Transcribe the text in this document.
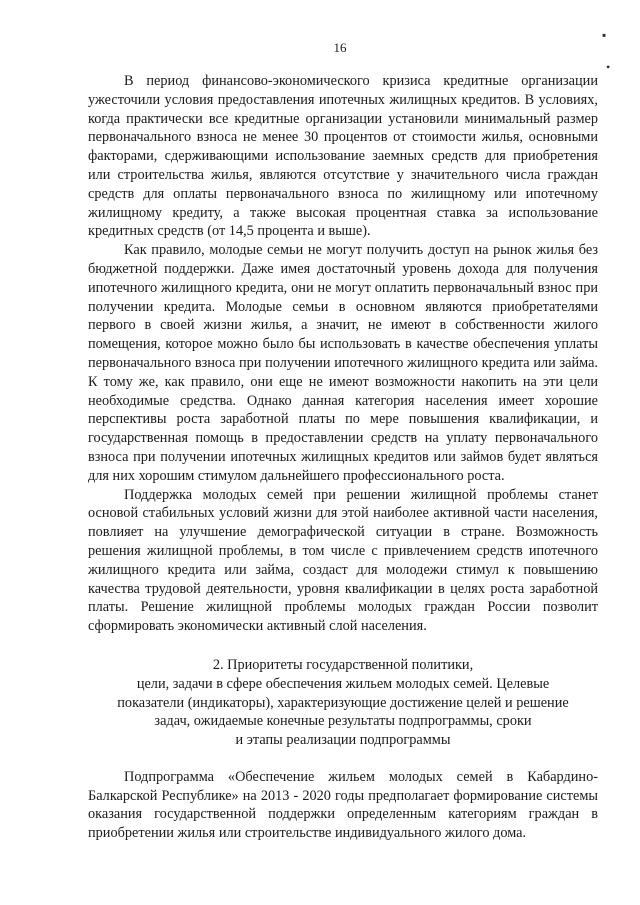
16
▪
•

В период финансово-экономического кризиса кредитные организации ужесточили условия предоставления ипотечных жилищных кредитов. В условиях, когда практически все кредитные организации установили минимальный размер первоначального взноса не менее 30 процентов от стоимости жилья, основными факторами, сдерживающими использование заемных средств для приобретения или строительства жилья, являются отсутствие у значительного числа граждан средств для оплаты первоначального взноса по жилищному или ипотечному жилищному кредиту, а также высокая процентная ставка за использование кредитных средств (от 14,5 процента и выше).

Как правило, молодые семьи не могут получить доступ на рынок жилья без бюджетной поддержки. Даже имея достаточный уровень дохода для получения ипотечного жилищного кредита, они не могут оплатить первоначальный взнос при получении кредита. Молодые семьи в основном являются приобретателями первого в своей жизни жилья, а значит, не имеют в собственности жилого помещения, которое можно было бы использовать в качестве обеспечения уплаты первоначального взноса при получении ипотечного жилищного кредита или займа. К тому же, как правило, они еще не имеют возможности накопить на эти цели необходимые средства. Однако данная категория населения имеет хорошие перспективы роста заработной платы по мере повышения квалификации, и государственная помощь в предоставлении средств на уплату первоначального взноса при получении ипотечных жилищных кредитов или займов будет являться для них хорошим стимулом дальнейшего профессионального роста.

Поддержка молодых семей при решении жилищной проблемы станет основой стабильных условий жизни для этой наиболее активной части населения, повлияет на улучшение демографической ситуации в стране. Возможность решения жилищной проблемы, в том числе с привлечением средств ипотечного жилищного кредита или займа, создаст для молодежи стимул к повышению качества трудовой деятельности, уровня квалификации в целях роста заработной платы. Решение жилищной проблемы молодых граждан России позволит сформировать экономически активный слой населения.

2. Приоритеты государственной политики,
цели, задачи в сфере обеспечения жильем молодых семей. Целевые
показатели (индикаторы), характеризующие достижение целей и решение
задач, ожидаемые конечные результаты подпрограммы, сроки
и этапы реализации подпрограммы

Подпрограмма «Обеспечение жильем молодых семей в Кабардино-Балкарской Республике» на 2013 - 2020 годы предполагает формирование системы оказания государственной поддержки определенным категориям граждан в приобретении жилья или строительстве индивидуального жилого дома.
